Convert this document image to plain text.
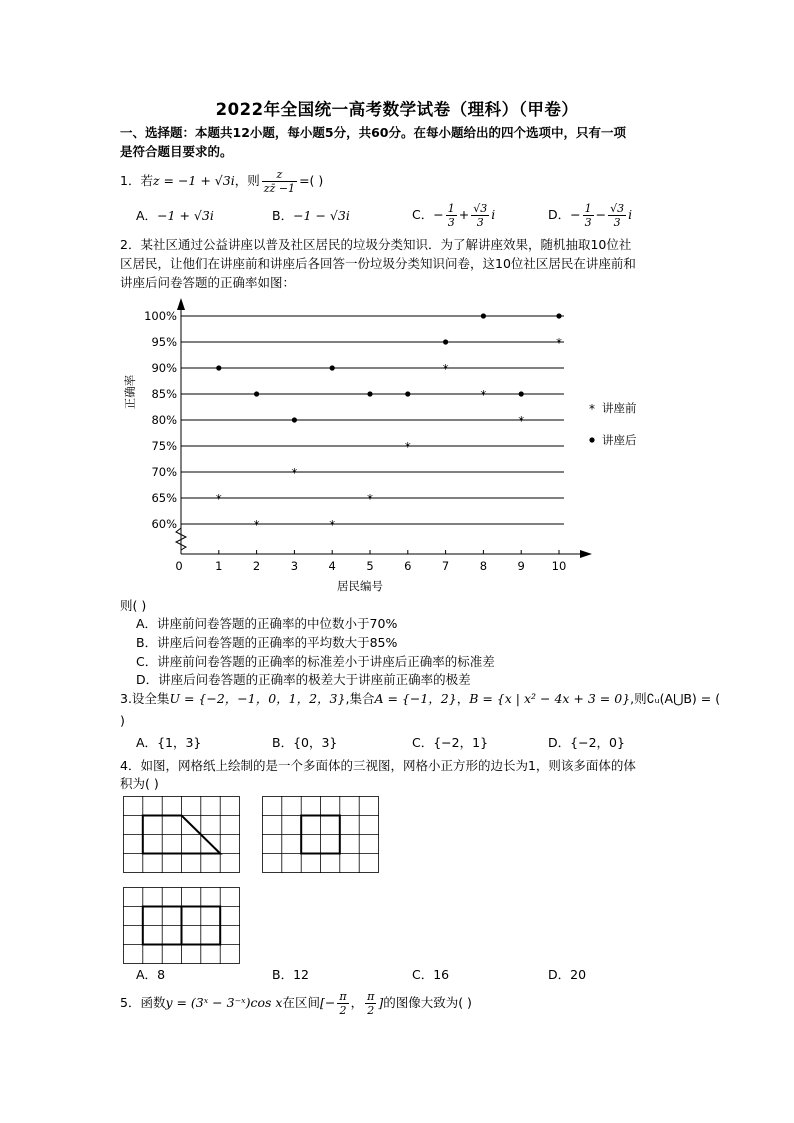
2022年全国统一高考数学试卷（理科）（甲卷）
一、选择题：本题共12小题，每小题5分，共60分。在每小题给出的四个选项中，只有一项
是符合题目要求的。
1．若z = −1 + √3i，则 $\frac{z}{zz̄ -1}$ =( )
A．−1 + √3i	B．−1 − √3i	C．− $\frac{1}{3} + \frac{√3}{3}$ i	D．− $\frac{1}{3} - \frac{√3}{3}$ i
2．某社区通过公益讲座以普及社区居民的垃圾分类知识．为了解讲座效果，随机抽取10位社
区居民，让他们在讲座前和讲座后各回答一份垃圾分类知识问卷，这10位社区居民在讲座前和
讲座后问卷答题的正确率如图：
60%
65%
70%
75%
80%
85%
90%
95%
100%
1	2	3	4	5	6	7	8	9 10
0
居民编号
正确率
*
*
*
*
*
*
*
*
*
*
* 讲座前
讲座后
则( )
A．讲座前问卷答题的正确率的中位数小于70%
B．讲座后问卷答题的正确率的平均数大于85%
C．讲座前问卷答题的正确率的标准差小于讲座后正确率的标准差
D．讲座后问卷答题的正确率的极差大于讲座前正确率的极差
3.设全集U = {−2，−1，0，1，2，3},集合A = {−1，2}，B = {x | x² − 4x + 3 = 0},则∁ᵤ(A⋃B) = (
)
A．{1，3}	B．{0，3}	C．{−2，1}	D．{−2，0}
4．如图，网格纸上绘制的是一个多面体的三视图，网格小正方形的边长为1，则该多面体的体
积为( )
A．8	B．12	C．16	D．20
5．函数y = (3ˣ − 3⁻ˣ)cos x在区间[− $\frac{\pi}{2}$ ， $\frac{\pi}{2}$ ]的图像大致为( )
